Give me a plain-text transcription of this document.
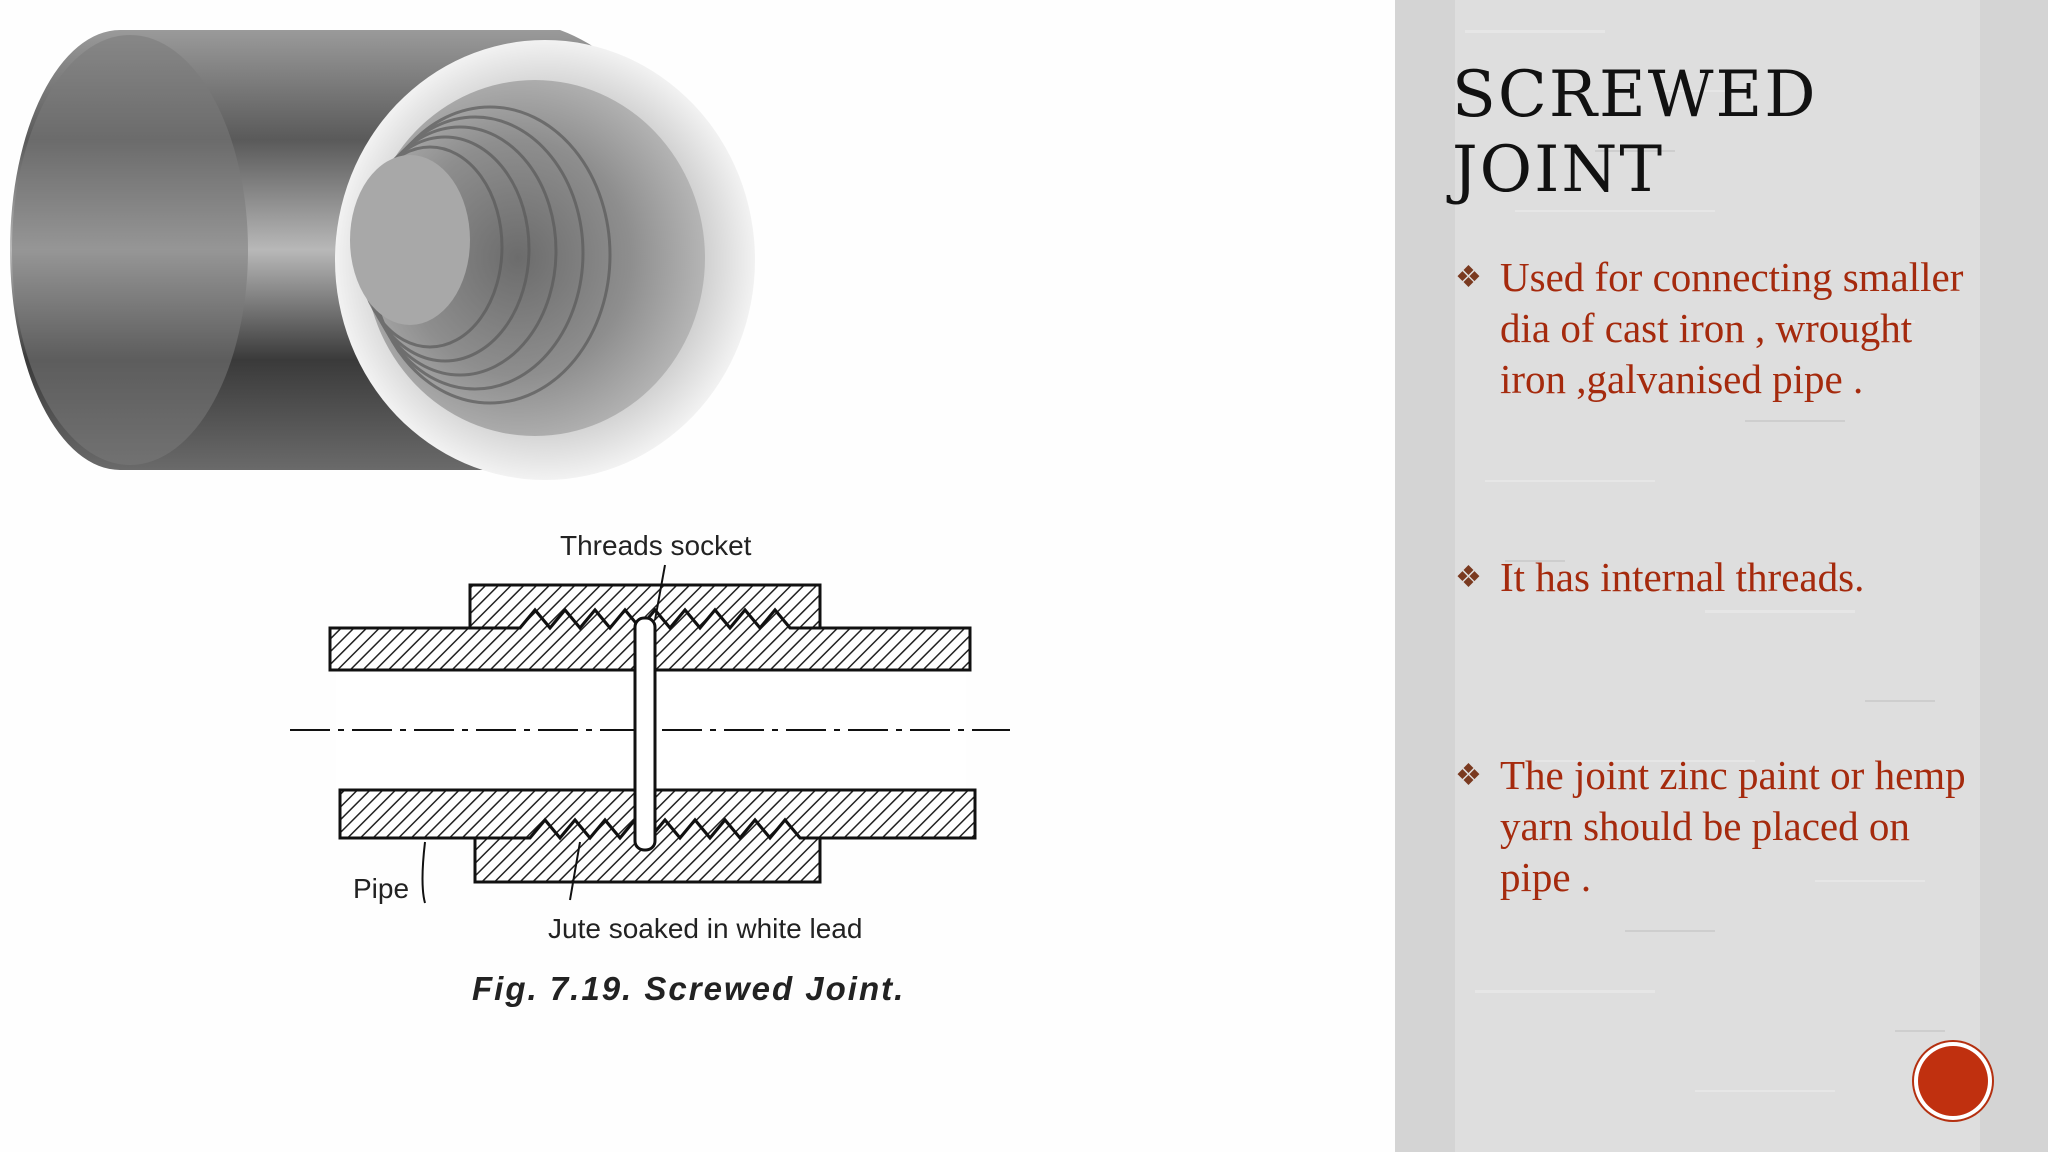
Threads socket
Pipe
Jute soaked in white lead
Fig. 7.19. Screwed Joint.
SCREWED
JOINT
❖ Used for connecting smaller dia of cast iron , wrought iron ,galvanised pipe .
❖ It has internal threads.
❖ The joint zinc paint or hemp yarn should be placed on pipe .
